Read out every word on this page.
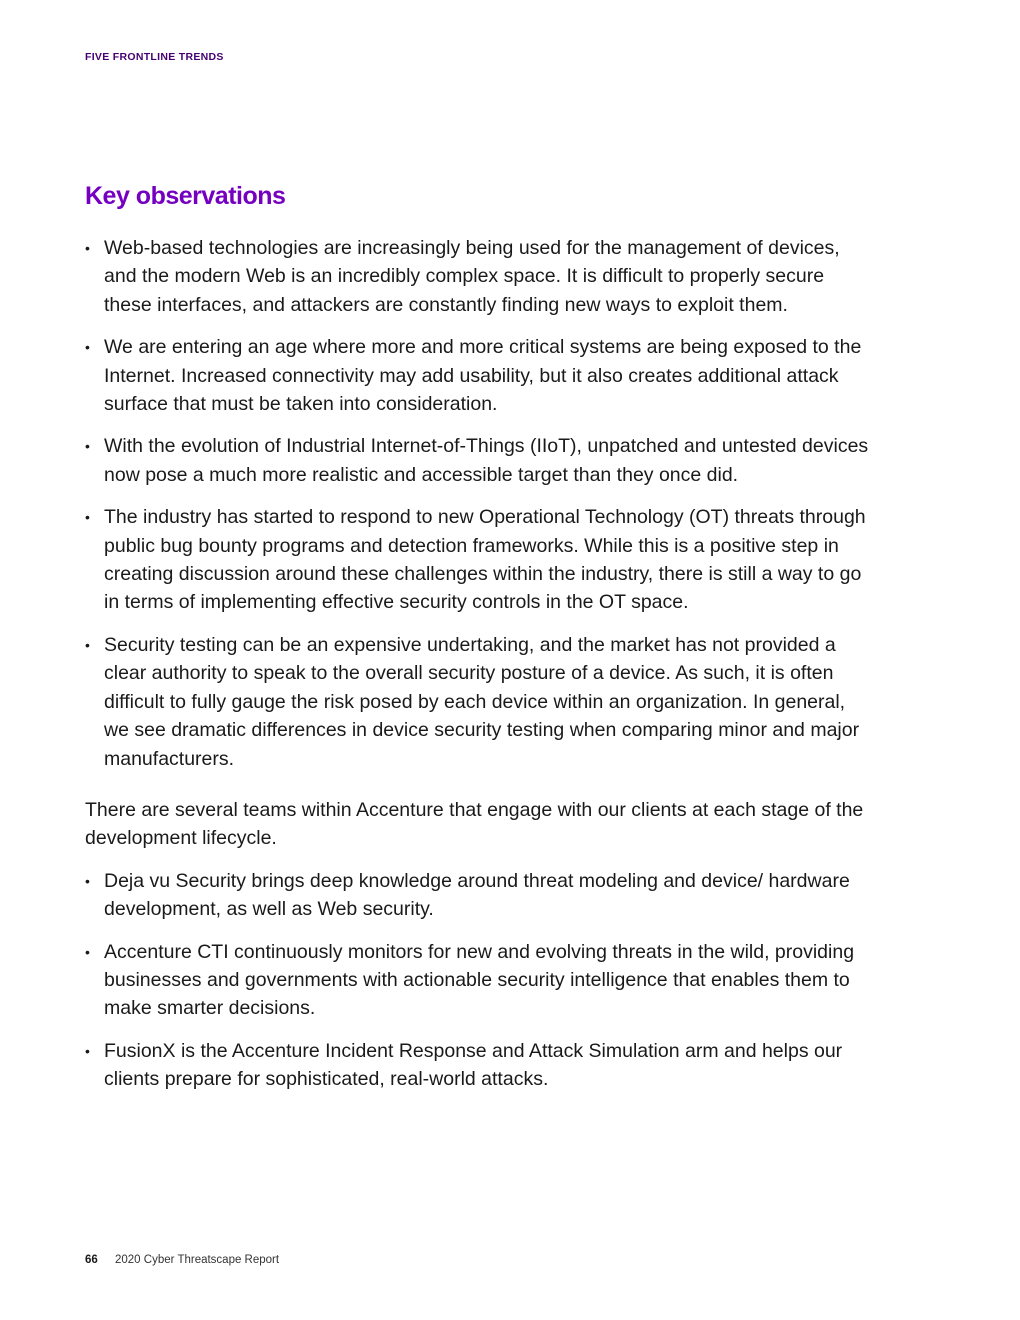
FIVE FRONTLINE TRENDS
Key observations
• Web-based technologies are increasingly being used for the management of devices, and the modern Web is an incredibly complex space. It is difficult to properly secure these interfaces, and attackers are constantly finding new ways to exploit them.
• We are entering an age where more and more critical systems are being exposed to the Internet. Increased connectivity may add usability, but it also creates additional attack surface that must be taken into consideration.
• With the evolution of Industrial Internet-of-Things (IIoT), unpatched and untested devices now pose a much more realistic and accessible target than they once did.
• The industry has started to respond to new Operational Technology (OT) threats through public bug bounty programs and detection frameworks. While this is a positive step in creating discussion around these challenges within the industry, there is still a way to go in terms of implementing effective security controls in the OT space.
• Security testing can be an expensive undertaking, and the market has not provided a clear authority to speak to the overall security posture of a device. As such, it is often difficult to fully gauge the risk posed by each device within an organization. In general, we see dramatic differences in device security testing when comparing minor and major manufacturers.

There are several teams within Accenture that engage with our clients at each stage of the development lifecycle.

• Deja vu Security brings deep knowledge around threat modeling and device/ hardware development, as well as Web security.
• Accenture CTI continuously monitors for new and evolving threats in the wild, providing businesses and governments with actionable security intelligence that enables them to make smarter decisions.
• FusionX is the Accenture Incident Response and Attack Simulation arm and helps our clients prepare for sophisticated, real-world attacks.
66 2020 Cyber Threatscape Report
